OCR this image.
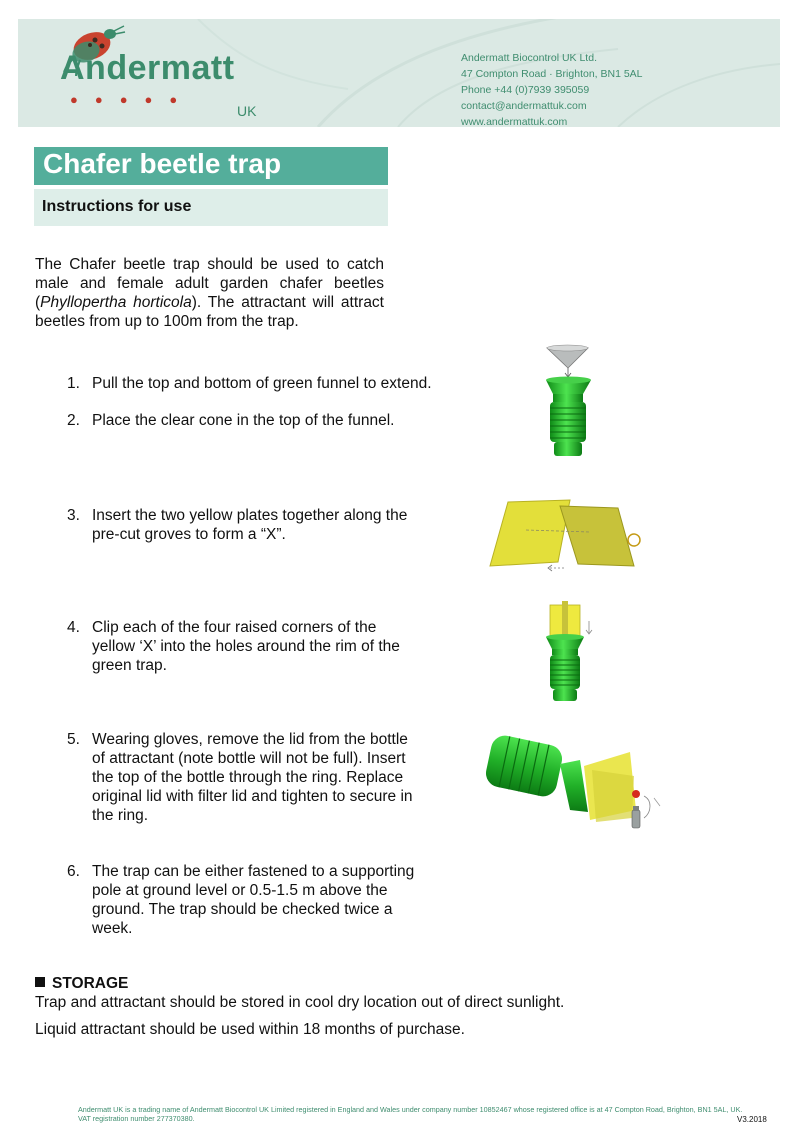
Andermatt
●●●●●
UK
Andermatt Biocontrol UK Ltd.
47 Compton Road · Brighton, BN1 5AL
Phone +44 (0)7939 395059
contact@andermattuk.com
www.andermattuk.com
Chafer beetle trap
Instructions for use
The Chafer beetle trap should be used to catch male and female adult garden chafer beetles (Phyllopertha horticola). The attractant will attract beetles from up to 100m from the trap.
1. Pull the top and bottom of green funnel to extend.
2. Place the clear cone in the top of the funnel.
3. Insert the two yellow plates together along the
pre-cut groves to form a “X”.
4. Clip each of the four raised corners of the
yellow ‘X’ into the holes around the rim of the
green trap.
5. Wearing gloves, remove the lid from the bottle
of attractant (note bottle will not be full). Insert
the top of the bottle through the ring. Replace
original lid with filter lid and tighten to secure in
the ring.
6. The trap can be either fastened to a supporting
pole at ground level or 0.5-1.5 m above the
ground. The trap should be checked twice a
week.
STORAGE
Trap and attractant should be stored in cool dry location out of direct sunlight.
Liquid attractant should be used within 18 months of purchase.
Andermatt UK is a trading name of Andermatt Biocontrol UK Limited registered in England and Wales under company number 10852467 whose registered office is at 47 Compton Road, Brighton, BN1 5AL, UK.
VAT registration number 277370380.	V3.2018
